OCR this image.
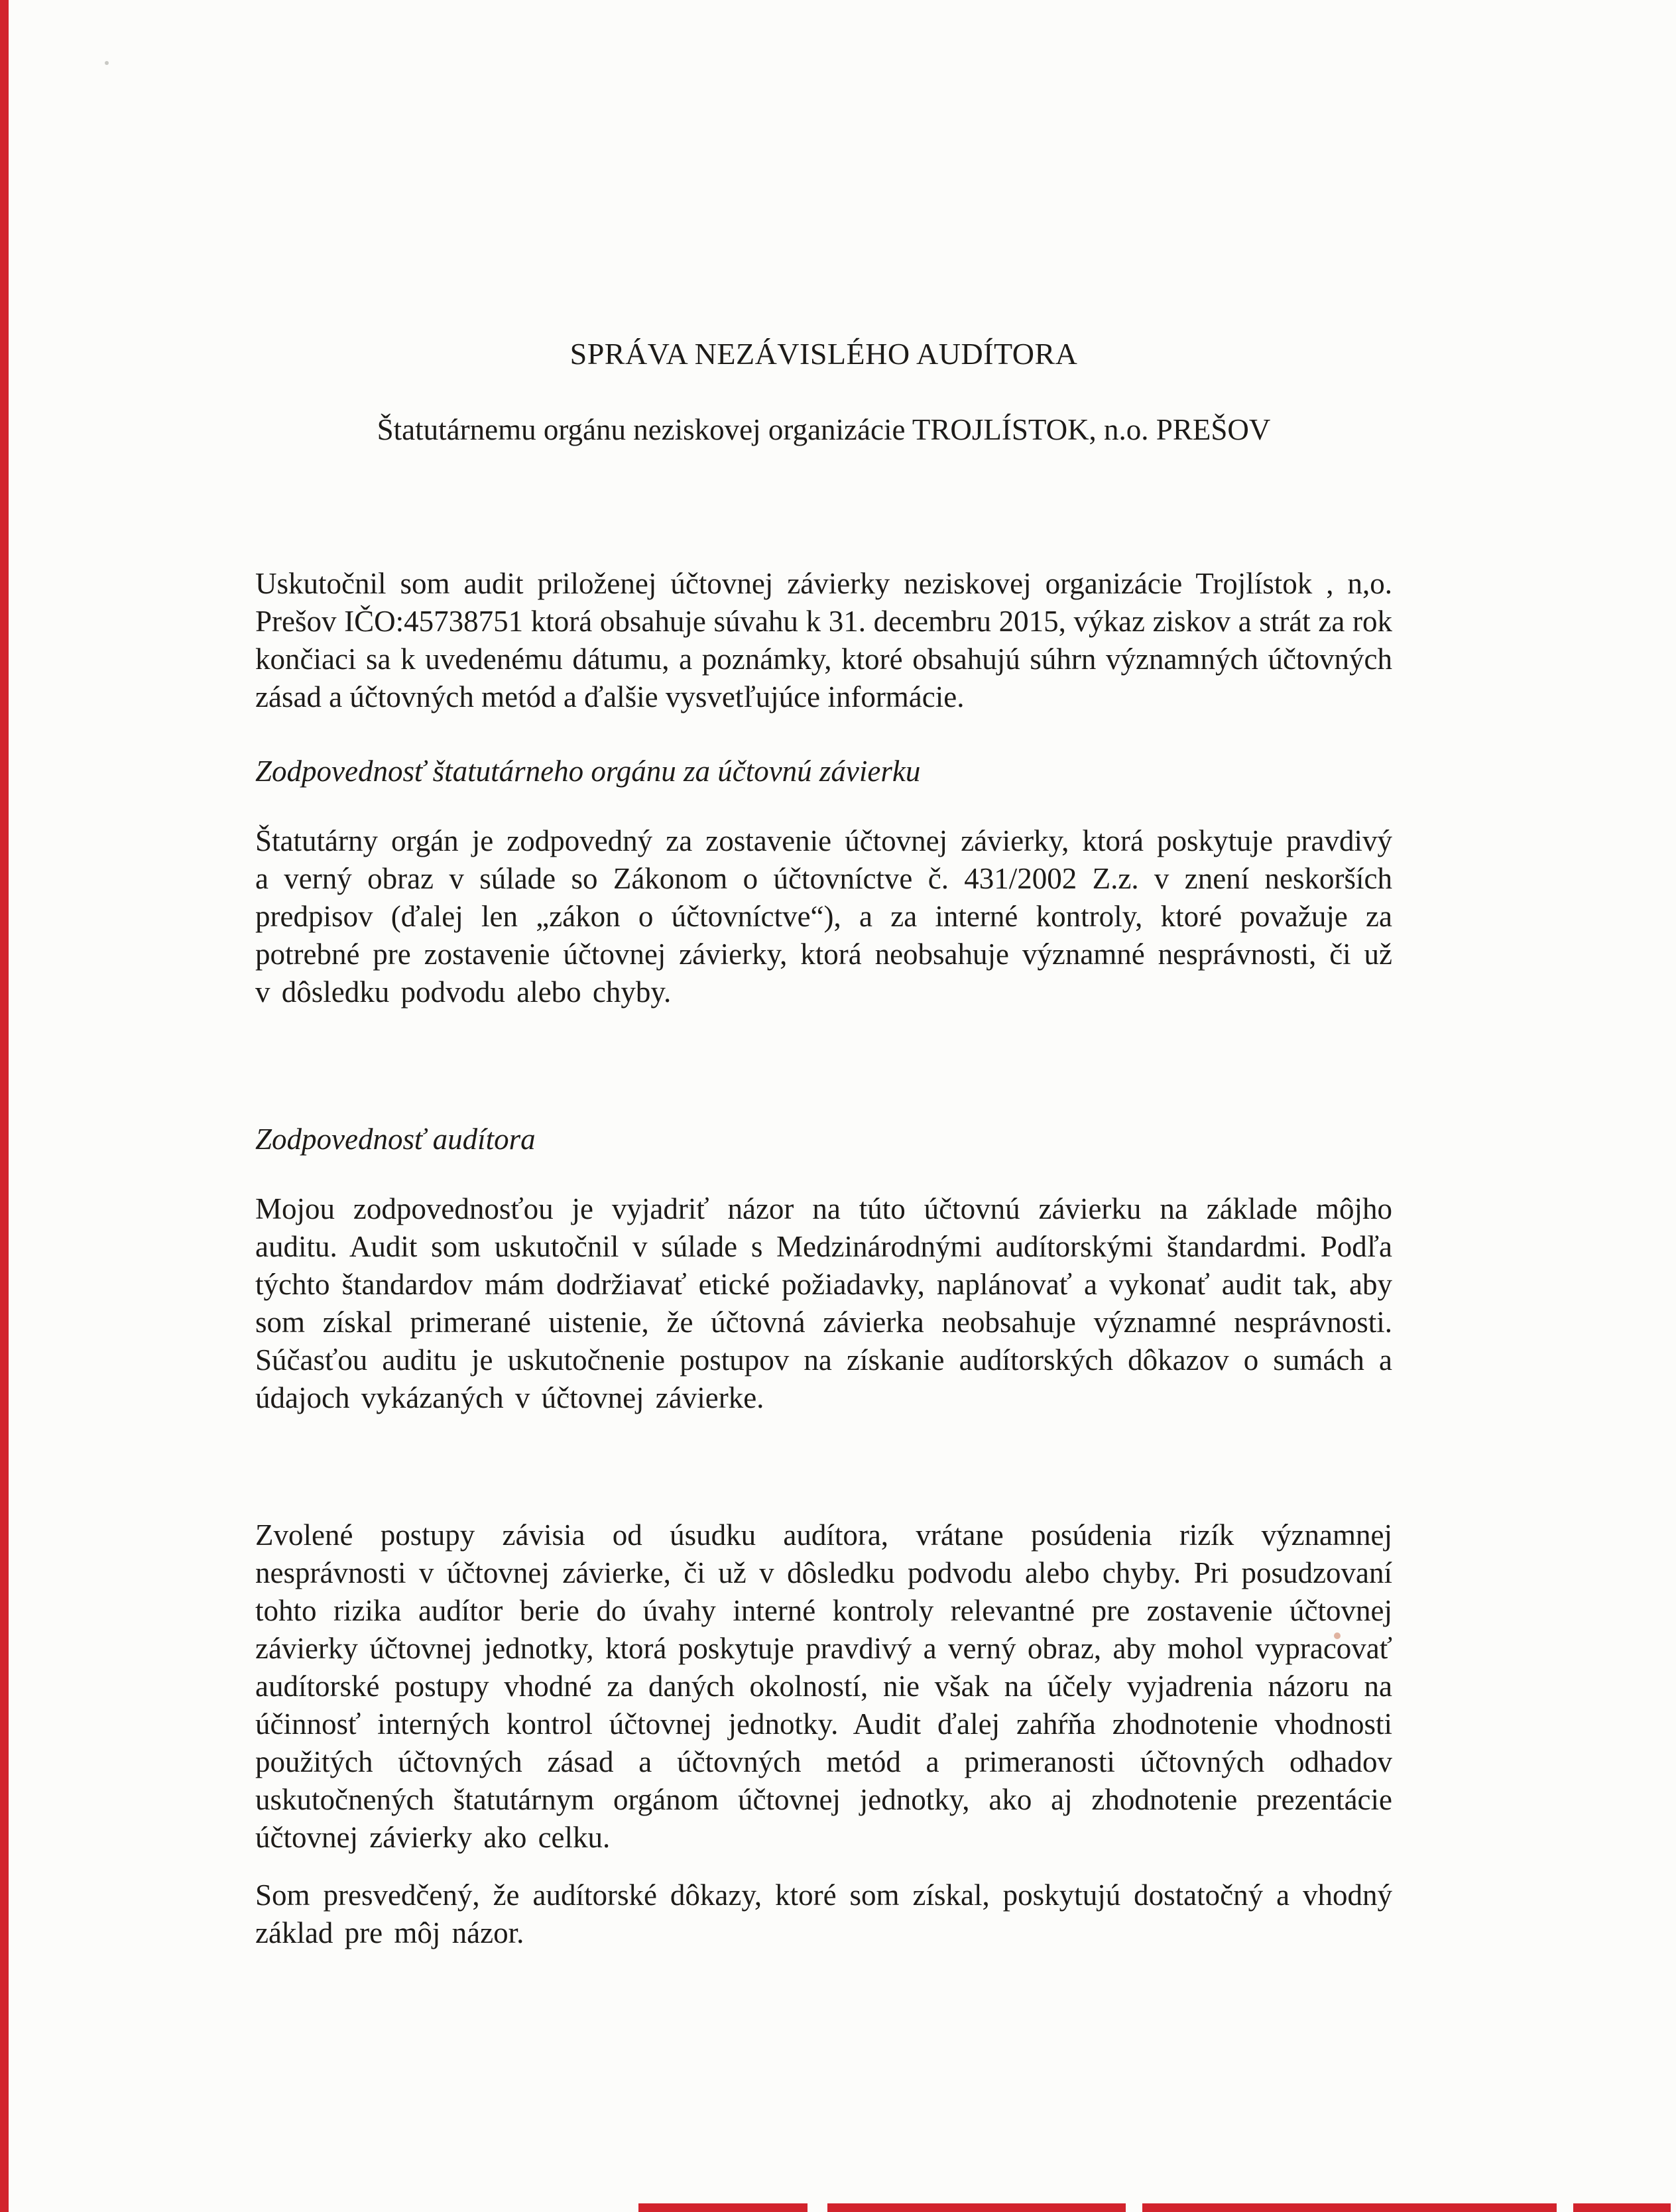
SPRÁVA NEZÁVISLÉHO AUDÍTORA
Štatutárnemu orgánu neziskovej organizácie TROJLÍSTOK, n.o. PREŠOV

Uskutočnil som audit priloženej účtovnej závierky neziskovej organizácie Trojlístok , n,o. Prešov IČO:45738751 ktorá obsahuje súvahu k 31. decembru 2015, výkaz ziskov a strát za rok končiaci sa k uvedenému dátumu, a poznámky, ktoré obsahujú súhrn významných účtovných zásad a účtovných metód a ďalšie vysvetľujúce informácie.

Zodpovednosť štatutárneho orgánu za účtovnú závierku

Štatutárny orgán je zodpovedný za zostavenie účtovnej závierky, ktorá poskytuje pravdivý a verný obraz v súlade so Zákonom o účtovníctve č. 431/2002 Z.z. v znení neskorších predpisov (ďalej len „zákon o účtovníctve“), a za interné kontroly, ktoré považuje za potrebné pre zostavenie účtovnej závierky, ktorá neobsahuje významné nesprávnosti, či už v dôsledku podvodu alebo chyby.

Zodpovednosť audítora

Mojou zodpovednosťou je vyjadriť názor na túto účtovnú závierku na základe môjho auditu. Audit som uskutočnil v súlade s Medzinárodnými audítorskými štandardmi. Podľa týchto štandardov mám dodržiavať etické požiadavky, naplánovať a vykonať audit tak, aby som získal primerané uistenie, že účtovná závierka neobsahuje významné nesprávnosti. Súčasťou auditu je uskutočnenie postupov na získanie audítorských dôkazov o sumách a údajoch vykázaných v účtovnej závierke.

Zvolené postupy závisia od úsudku audítora, vrátane posúdenia rizík významnej nesprávnosti v účtovnej závierke, či už v dôsledku podvodu alebo chyby. Pri posudzovaní tohto rizika audítor berie do úvahy interné kontroly relevantné pre zostavenie účtovnej závierky účtovnej jednotky, ktorá poskytuje pravdivý a verný obraz, aby mohol vypracovať audítorské postupy vhodné za daných okolností, nie však na účely vyjadrenia názoru na účinnosť interných kontrol účtovnej jednotky. Audit ďalej zahŕňa zhodnotenie vhodnosti použitých účtovných zásad a účtovných metód a primeranosti účtovných odhadov uskutočnených štatutárnym orgánom účtovnej jednotky, ako aj zhodnotenie prezentácie účtovnej závierky ako celku.

Som presvedčený, že audítorské dôkazy, ktoré som získal, poskytujú dostatočný a vhodný základ pre môj názor.
